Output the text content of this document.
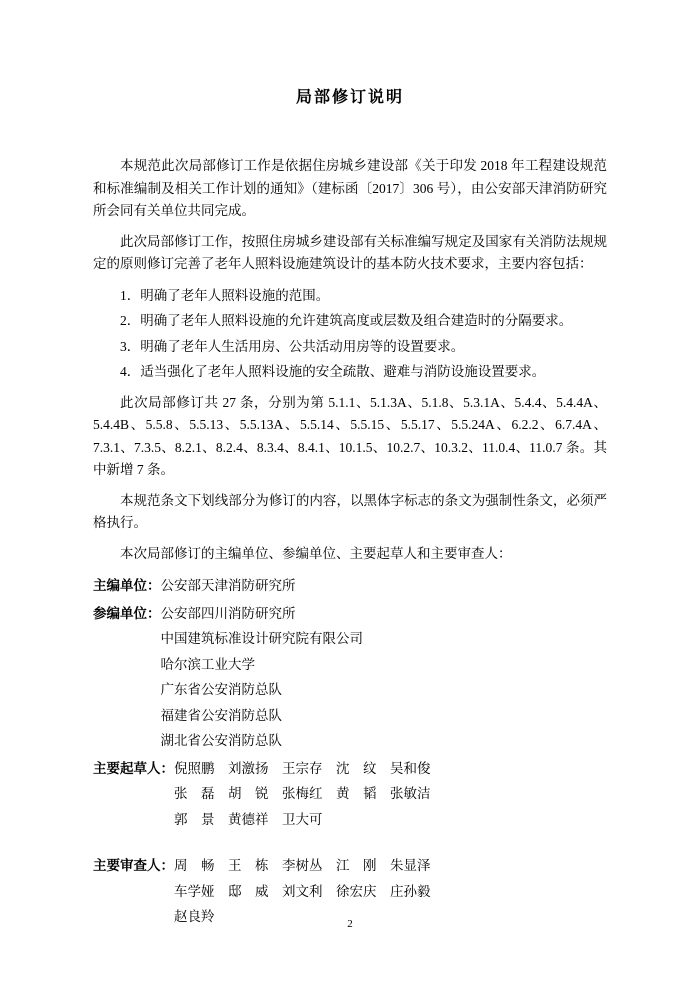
局部修订说明

本规范此次局部修订工作是依据住房城乡建设部《关于印发 2018 年工程建设规范和标准编制及相关工作计划的通知》（建标函〔2017〕306 号），由公安部天津消防研究所会同有关单位共同完成。

此次局部修订工作，按照住房城乡建设部有关标准编写规定及国家有关消防法规规定的原则修订完善了老年人照料设施建筑设计的基本防火技术要求，主要内容包括：

1．明确了老年人照料设施的范围。

2．明确了老年人照料设施的允许建筑高度或层数及组合建造时的分隔要求。

3．明确了老年人生活用房、公共活动用房等的设置要求。

4．适当强化了老年人照料设施的安全疏散、避难与消防设施设置要求。

此次局部修订共 27 条，分别为第 5.1.1、5.1.3A、5.1.8、5.3.1A、5.4.4、5.4.4A、5.4.4B、5.5.8、5.5.13、5.5.13A、5.5.14、5.5.15、5.5.17、5.5.24A、6.2.2、6.7.4A、7.3.1、7.3.5、8.2.1、8.2.4、8.3.4、8.4.1、10.1.5、10.2.7、10.3.2、11.0.4、11.0.7 条。其中新增 7 条。

本规范条文下划线部分为修订的内容，以黑体字标志的条文为强制性条文，必须严格执行。

本次局部修订的主编单位、参编单位、主要起草人和主要审查人：

主编单位： 公安部天津消防研究所
参编单位： 公安部四川消防研究所
中国建筑标准设计研究院有限公司
哈尔滨工业大学
广东省公安消防总队
福建省公安消防总队
湖北省公安消防总队
主要起草人： 倪照鹏　刘激扬　王宗存　沈　纹　吴和俊
张　磊　胡　锐　张梅红　黄　韬　张敏洁
郭　景　黄德祥　卫大可
主要审查人： 周　畅　王　栋　李树丛　江　刚　朱显泽
车学娅　邸　威　刘文利　徐宏庆　庄孙毅
赵良羚	2
